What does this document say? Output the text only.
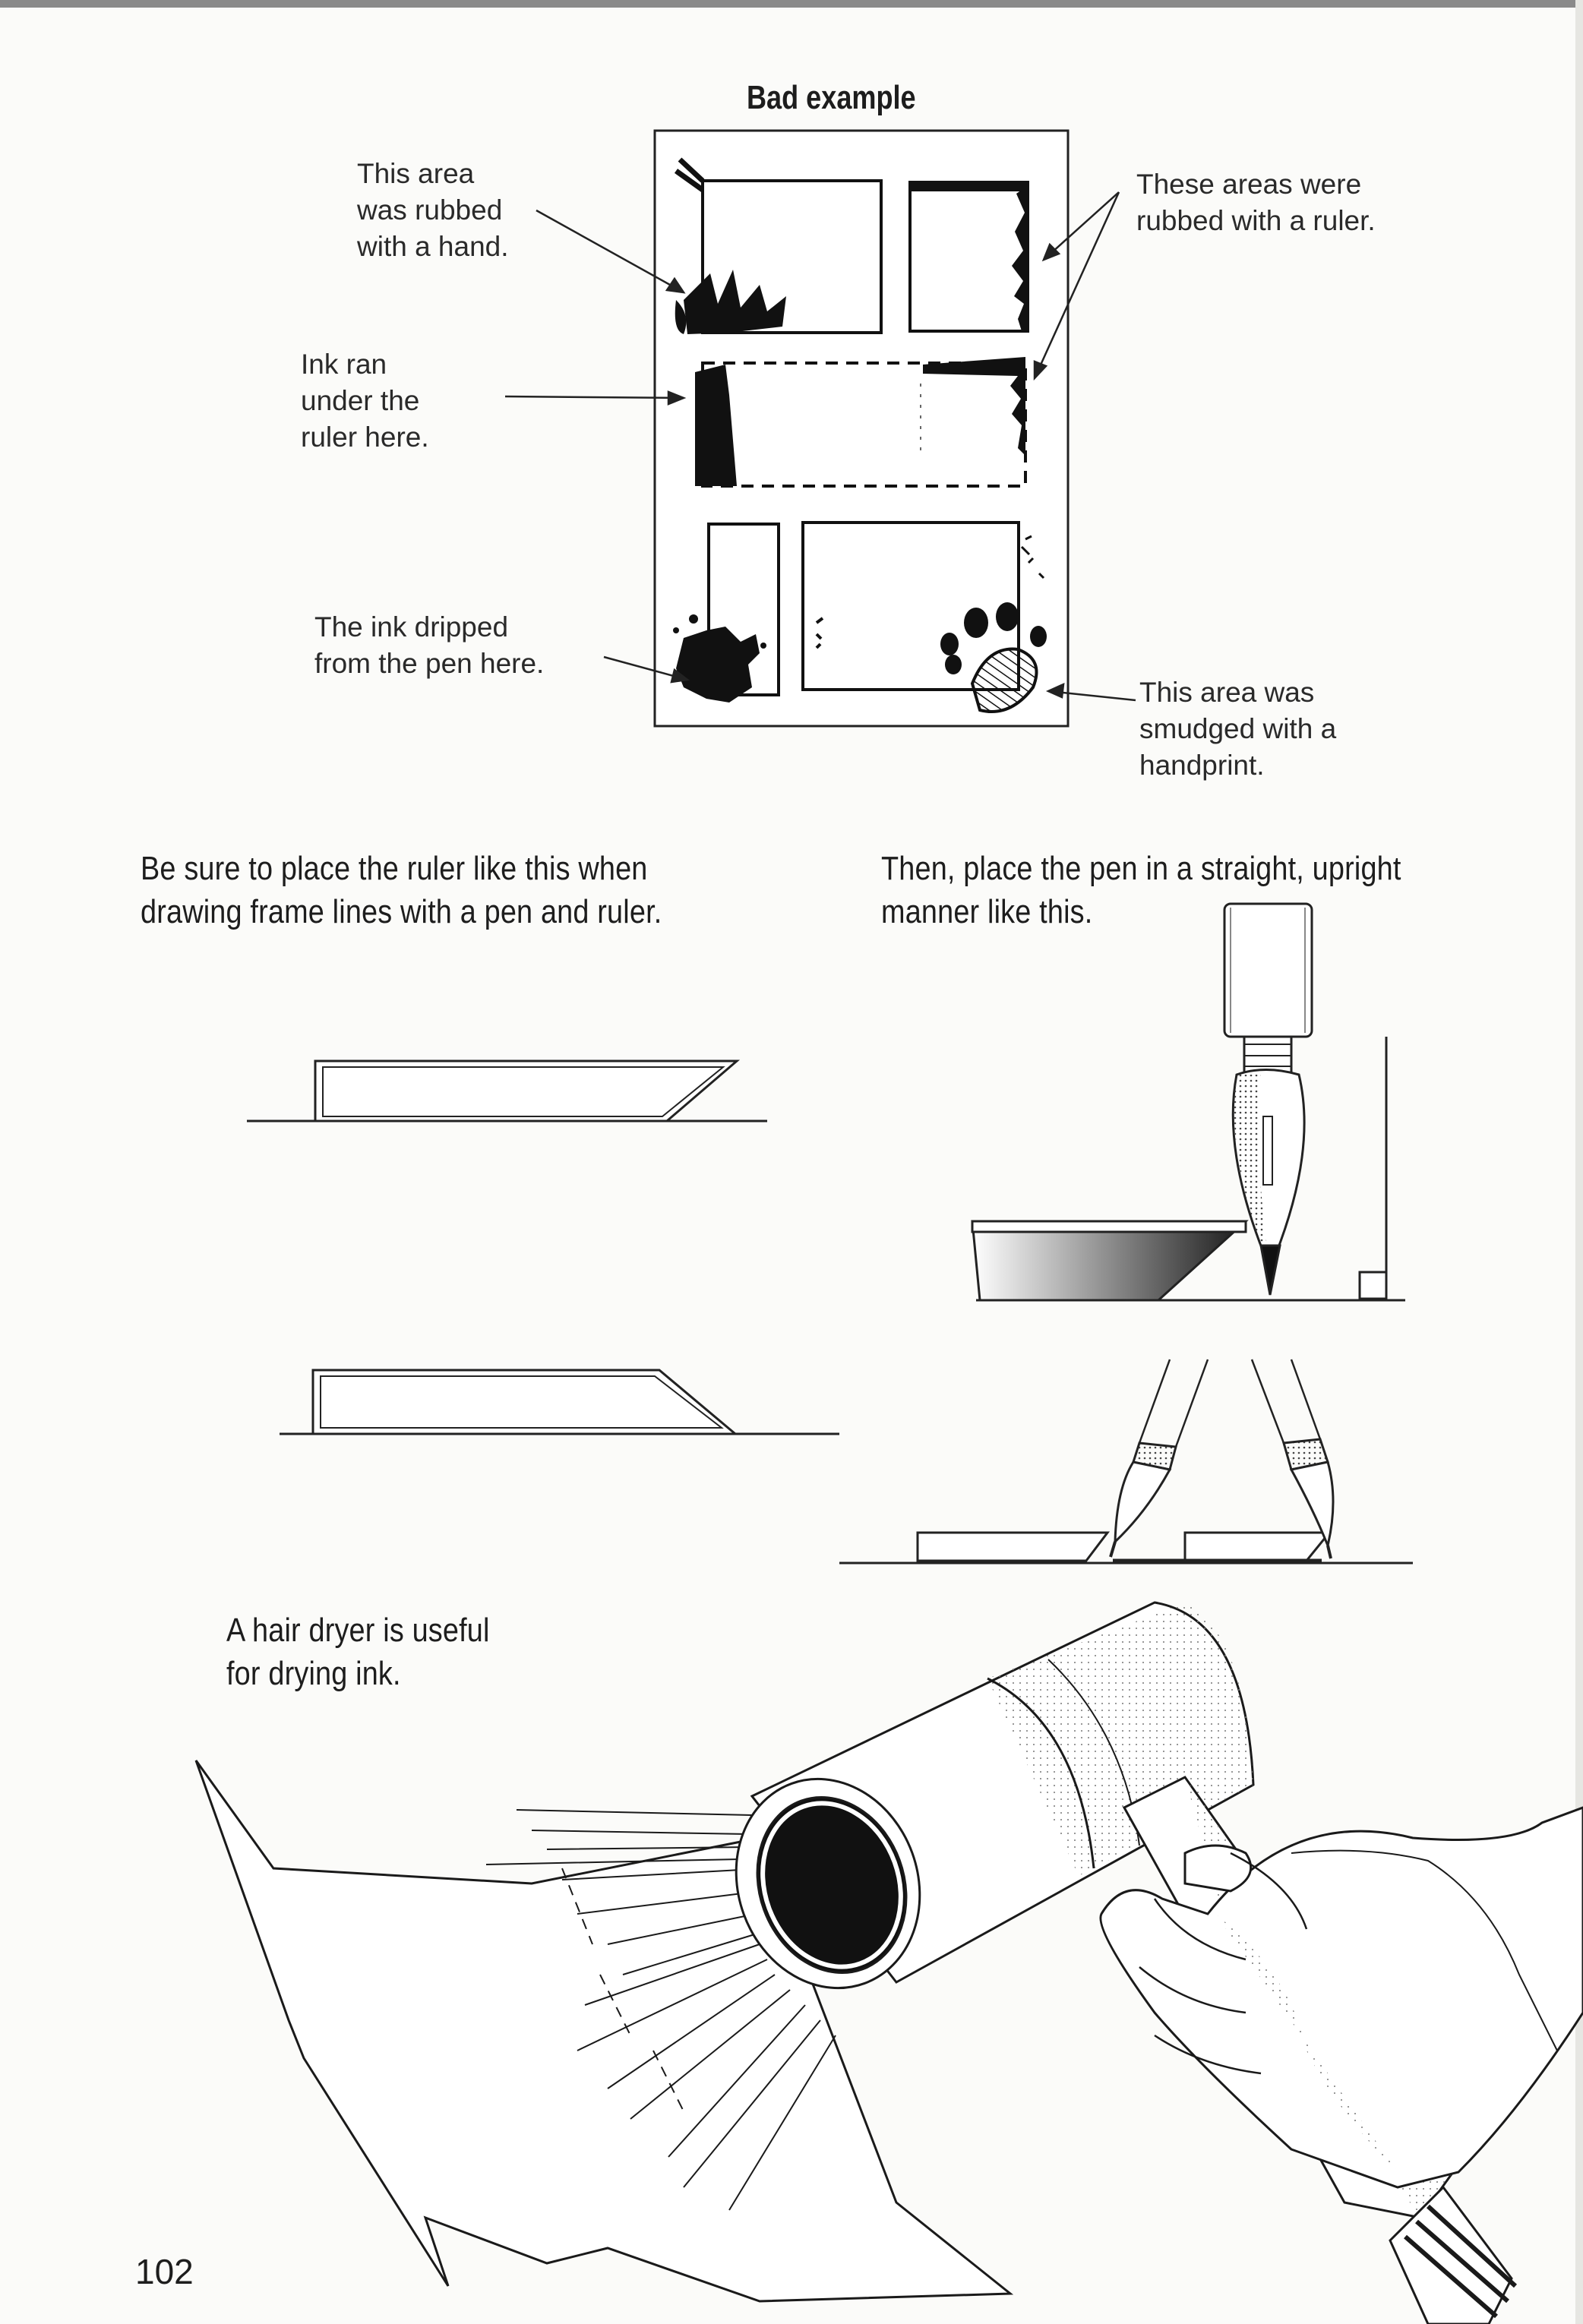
Bad example
This area
was rubbed
with a hand.
Ink ran
under the
ruler here.
The ink dripped
from the pen here.
These areas were
rubbed with a ruler.
This area was
smudged with a
handprint.
Be sure to place the ruler like this when
drawing frame lines with a pen and ruler.
Then, place the pen in a straight, upright
manner like this.
A hair dryer is useful
for drying ink.
102
